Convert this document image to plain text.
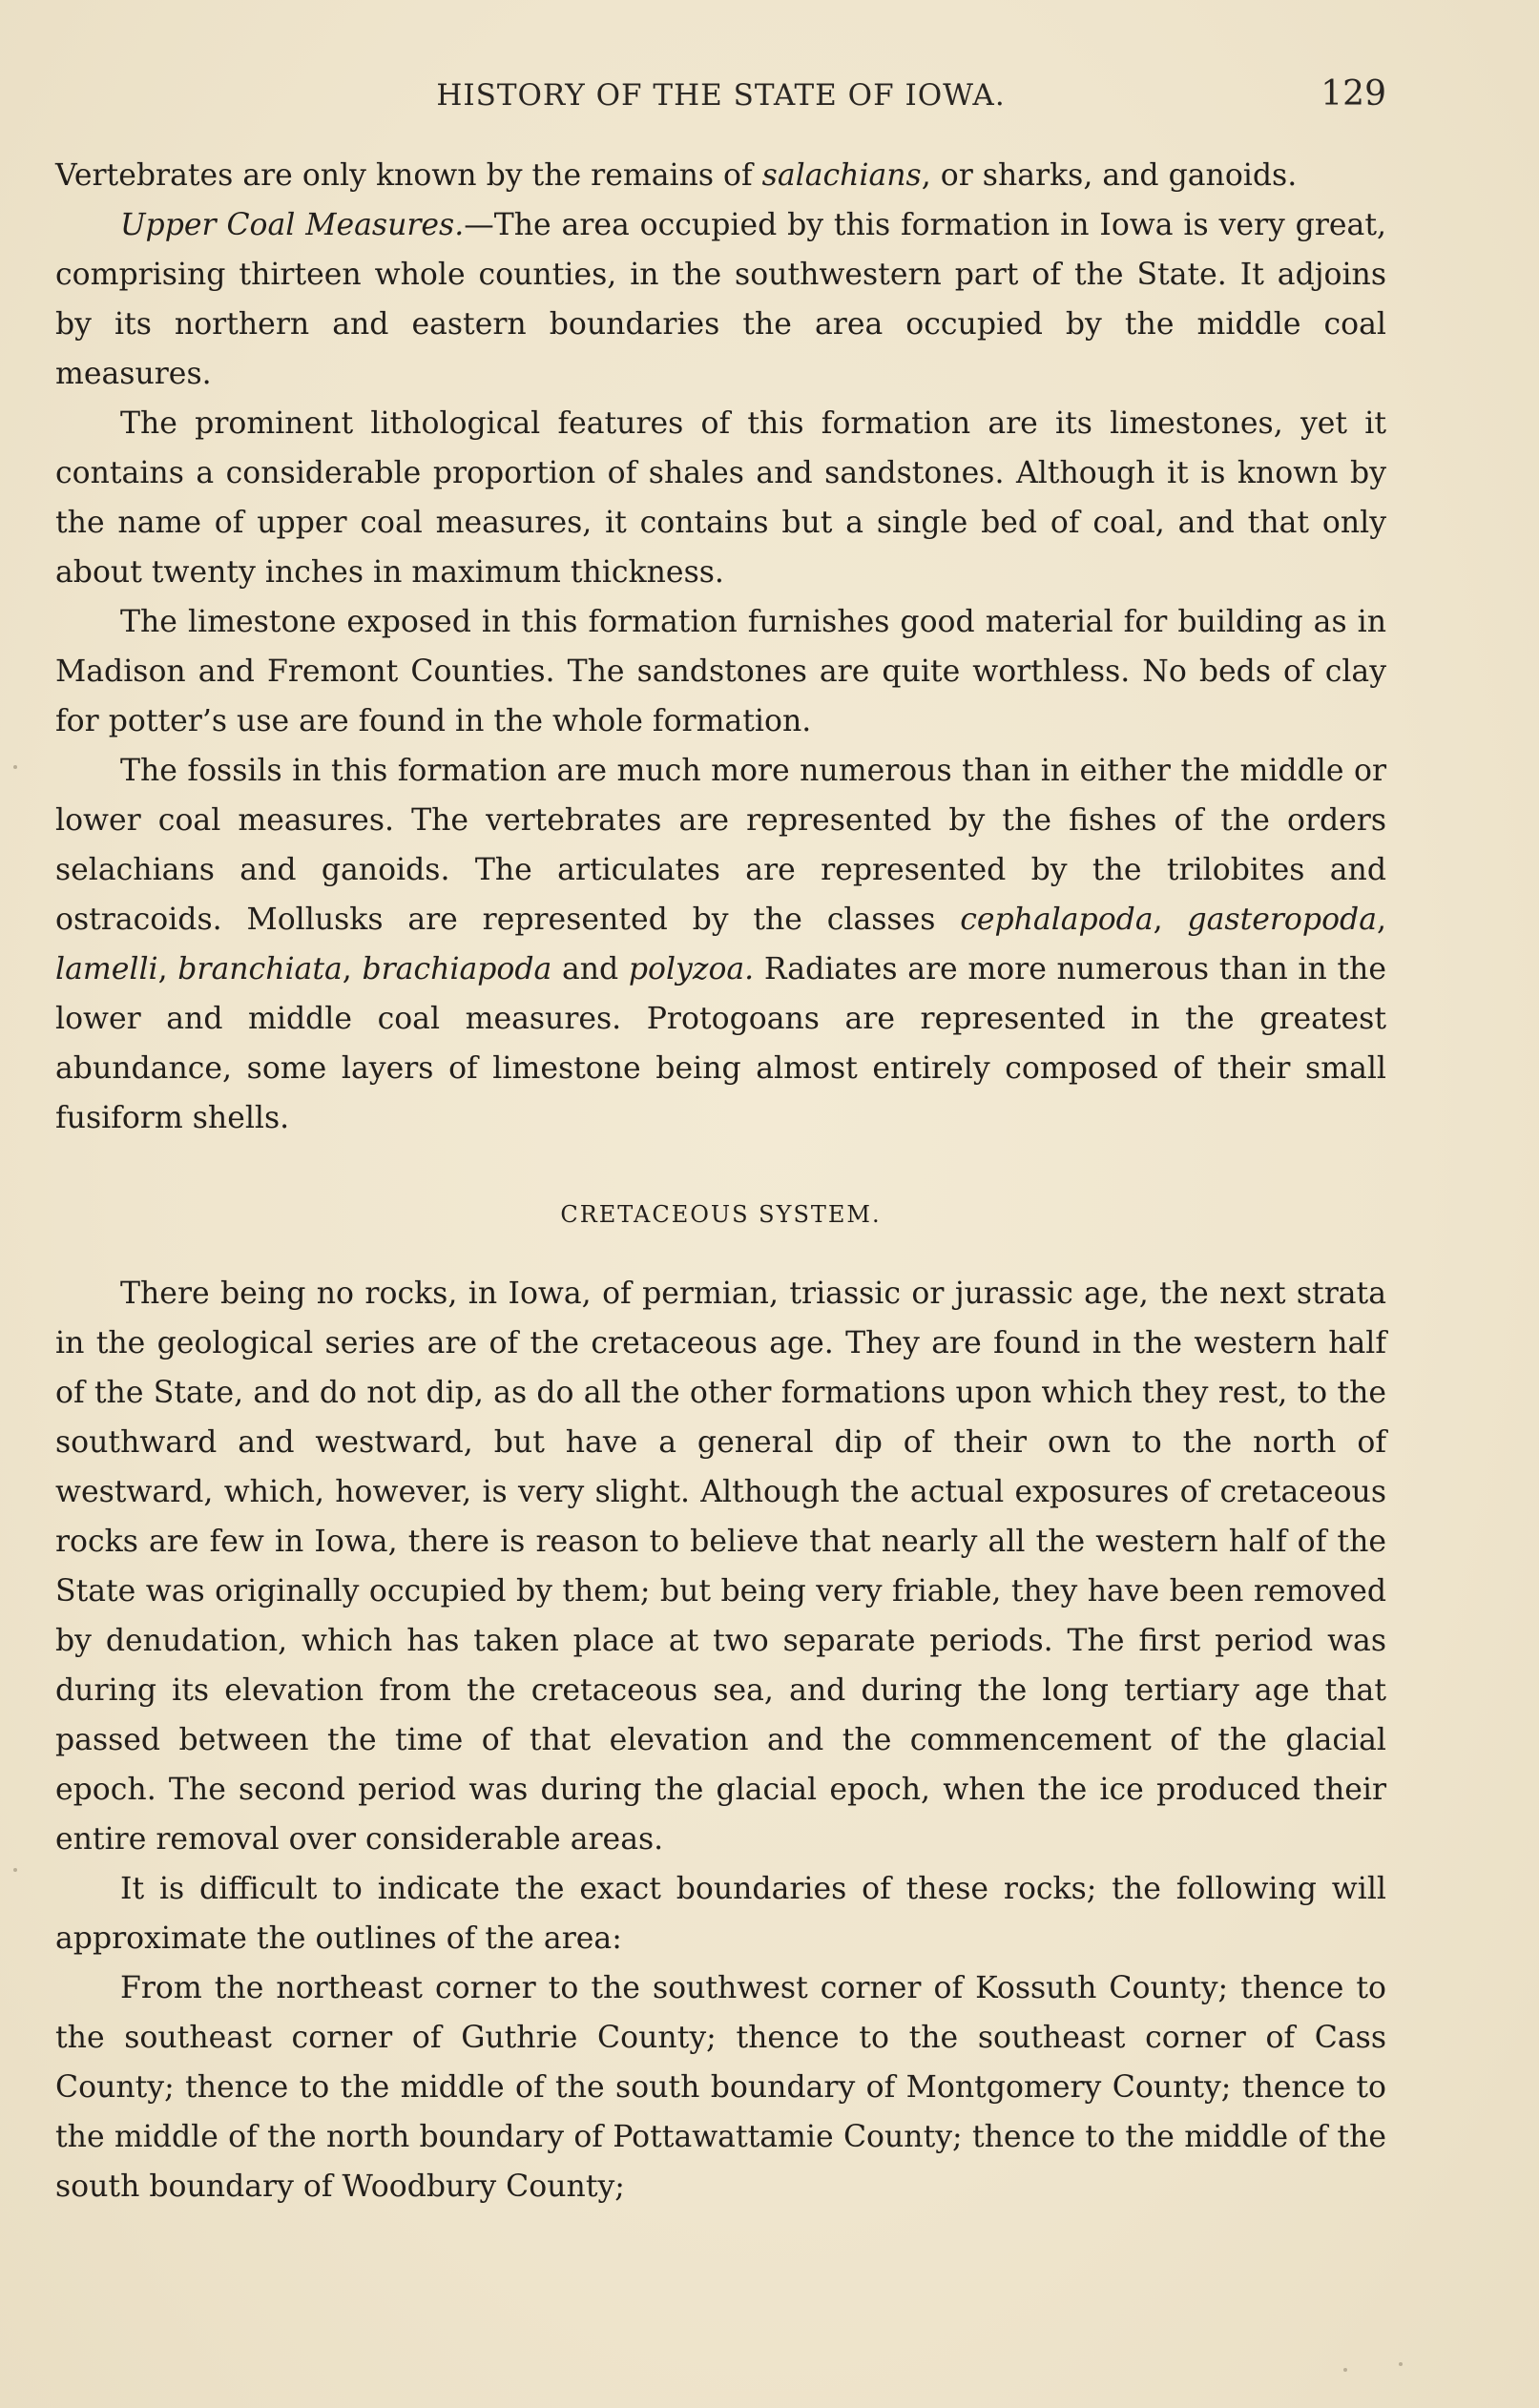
HISTORY OF THE STATE OF IOWA.	129

Vertebrates are only known by the remains of salachians, or sharks, and ganoids.

Upper Coal Measures.—The area occupied by this formation in Iowa is very great, comprising thirteen whole counties, in the southwestern part of the State. It adjoins by its northern and eastern boundaries the area occupied by the middle coal measures.

The prominent lithological features of this formation are its limestones, yet it contains a considerable proportion of shales and sandstones. Although it is known by the name of upper coal measures, it contains but a single bed of coal, and that only about twenty inches in maximum thickness.

The limestone exposed in this formation furnishes good material for building as in Madison and Fremont Counties. The sandstones are quite worthless. No beds of clay for potter’s use are found in the whole formation.

The fossils in this formation are much more numerous than in either the middle or lower coal measures. The vertebrates are represented by the fishes of the orders selachians and ganoids. The articulates are represented by the trilobites and ostracoids. Mollusks are represented by the classes cephalapoda, gasteropoda, lamelli, branchiata, brachiapoda and polyzoa. Radiates are more numerous than in the lower and middle coal measures. Protogoans are represented in the greatest abundance, some layers of limestone being almost entirely composed of their small fusiform shells.

CRETACEOUS SYSTEM.

There being no rocks, in Iowa, of permian, triassic or jurassic age, the next strata in the geological series are of the cretaceous age. They are found in the western half of the State, and do not dip, as do all the other formations upon which they rest, to the southward and westward, but have a general dip of their own to the north of westward, which, however, is very slight. Although the actual exposures of cretaceous rocks are few in Iowa, there is reason to believe that nearly all the western half of the State was originally occupied by them; but being very friable, they have been removed by denudation, which has taken place at two separate periods. The first period was during its elevation from the cretaceous sea, and during the long tertiary age that passed between the time of that elevation and the commencement of the glacial epoch. The second period was during the glacial epoch, when the ice produced their entire removal over considerable areas.

It is difficult to indicate the exact boundaries of these rocks; the following will approximate the outlines of the area:

From the northeast corner to the southwest corner of Kossuth County; thence to the southeast corner of Guthrie County; thence to the southeast corner of Cass County; thence to the middle of the south boundary of Montgomery County; thence to the middle of the north boundary of Pottawattamie County; thence to the middle of the south boundary of Woodbury County;
